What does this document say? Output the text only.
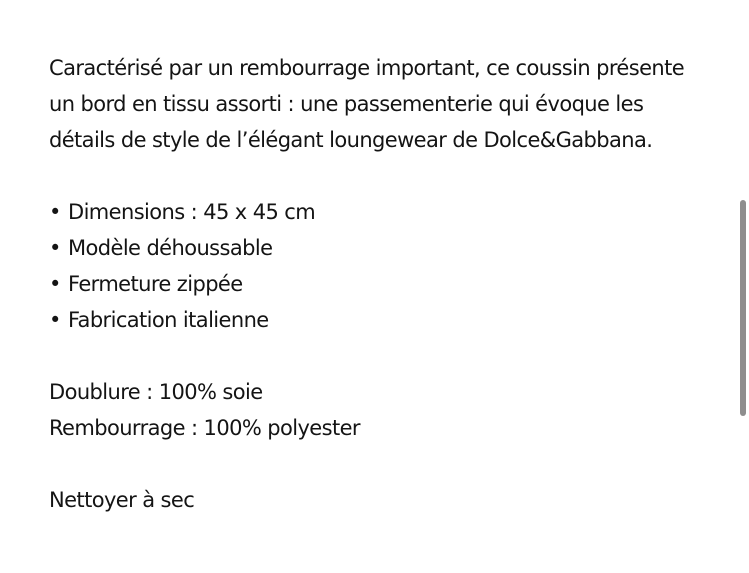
Caractérisé par un rembourrage important, ce coussin présente un bord en tissu assorti : une passementerie qui évoque les détails de style de l’élégant loungewear de Dolce&Gabbana.

• Dimensions : 45 x 45 cm
• Modèle déhoussable
• Fermeture zippée
• Fabrication italienne

Doublure : 100% soie

Rembourrage : 100% polyester

Nettoyer à sec
